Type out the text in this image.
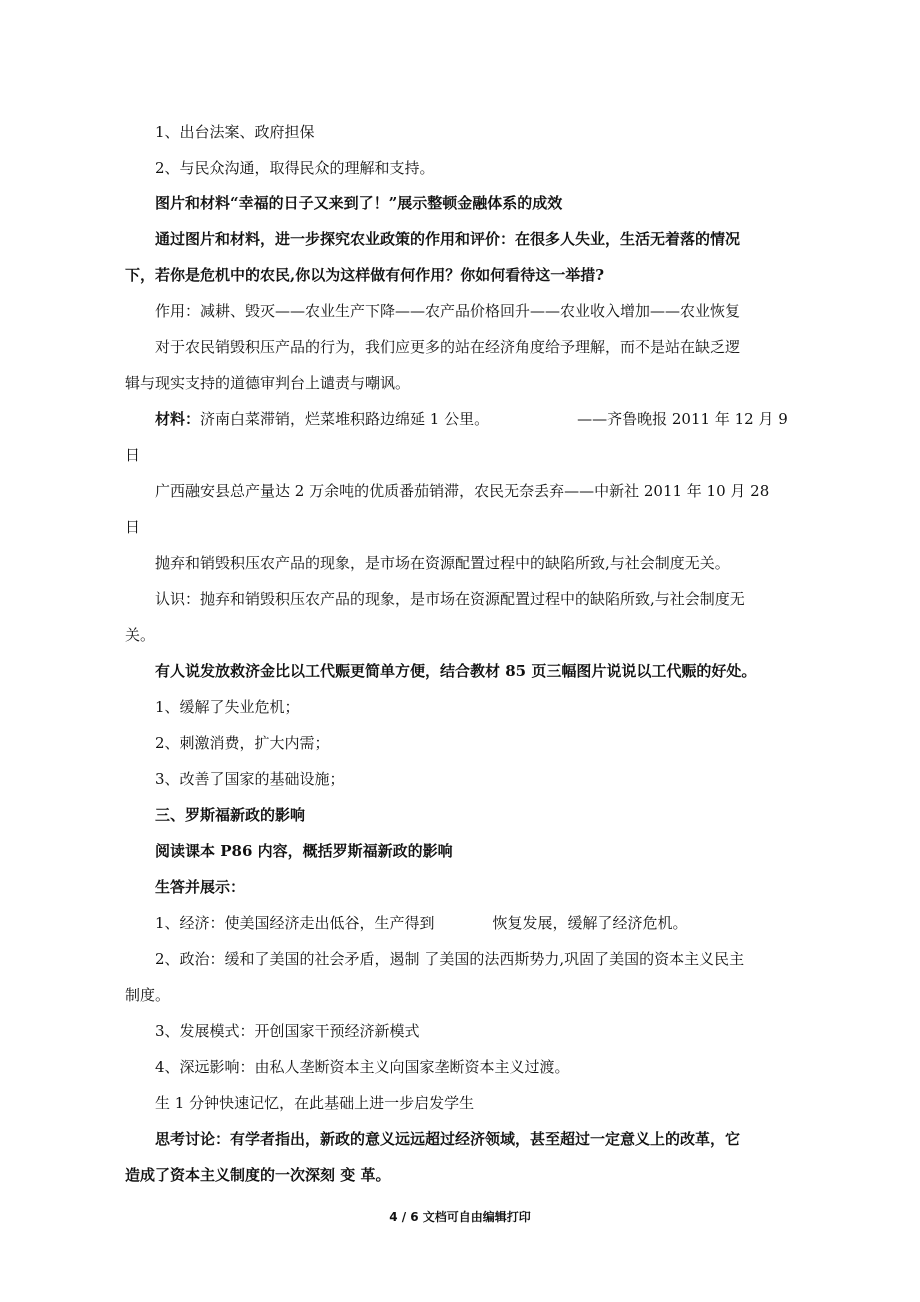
1、出台法案、政府担保
2、与民众沟通，取得民众的理解和支持。
图片和材料“幸福的日子又来到了！”展示整顿金融体系的成效
通过图片和材料，进一步探究农业政策的作用和评价：在很多人失业，生活无着落的情况
下，若你是危机中的农民,你以为这样做有何作用？你如何看待这一举措?
作用：减耕、毁灭——农业生产下降——农产品价格回升——农业收入增加——农业恢复
对于农民销毁积压产品的行为，我们应更多的站在经济角度给予理解，而不是站在缺乏逻
辑与现实支持的道德审判台上谴责与嘲讽。
材料：济南白菜滞销，烂菜堆积路边绵延 1 公里。	——齐鲁晚报 2011 年 12 月 9
日
广西融安县总产量达 2 万余吨的优质番茄销滞，农民无奈丢弃——中新社 2011 年 10 月 28
日
抛弃和销毁积压农产品的现象，是市场在资源配置过程中的缺陷所致,与社会制度无关。
认识：抛弃和销毁积压农产品的现象，是市场在资源配置过程中的缺陷所致,与社会制度无
关。
有人说发放救济金比以工代赈更简单方便，结合教材 85 页三幅图片说说以工代赈的好处。
1、缓解了失业危机；
2、刺激消费，扩大内需；
3、改善了国家的基础设施；
三、罗斯福新政的影响
阅读课本 P86 内容，概括罗斯福新政的影响
生答并展示：
1、经济：使美国经济走出低谷，生产得到	恢复发展，缓解了经济危机。
2、政治：缓和了美国的社会矛盾，遏制 了美国的法西斯势力,巩固了美国的资本主义民主
制度。
3、发展模式：开创国家干预经济新模式
4、深远影响：由私人垄断资本主义向国家垄断资本主义过渡。
生 1 分钟快速记忆，在此基础上进一步启发学生
思考讨论：有学者指出，新政的意义远远超过经济领域，甚至超过一定意义上的改革，它
造成了资本主义制度的一次深刻 变 革。
4 / 6 文档可自由编辑打印
